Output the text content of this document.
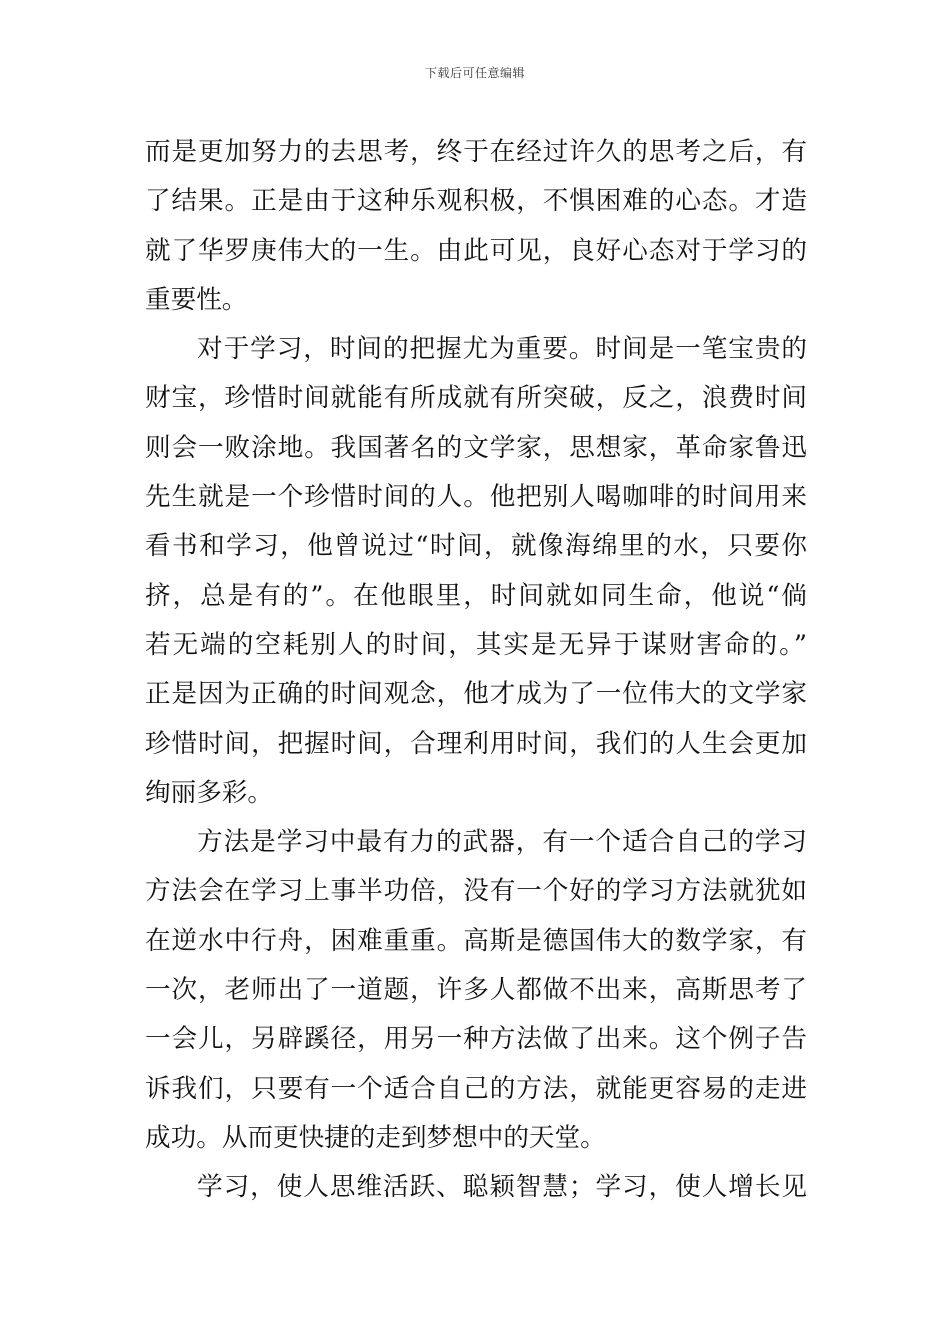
下载后可任意编辑
而是更加努力的去思考，终于在经过许久的思考之后，有
了结果。正是由于这种乐观积极，不惧困难的心态。才造
就了华罗庚伟大的一生。由此可见，良好心态对于学习的
重要性。
对于学习，时间的把握尤为重要。时间是一笔宝贵的
财宝，珍惜时间就能有所成就有所突破，反之，浪费时间
则会一败涂地。我国著名的文学家，思想家，革命家鲁迅
先生就是一个珍惜时间的人。他把别人喝咖啡的时间用来
看书和学习，他曾说过“时间，就像海绵里的水，只要你
挤，总是有的”。在他眼里，时间就如同生命，他说“倘
若无端的空耗别人的时间，其实是无异于谋财害命的。”
正是因为正确的时间观念，他才成为了一位伟大的文学家
珍惜时间，把握时间，合理利用时间，我们的人生会更加
绚丽多彩。
方法是学习中最有力的武器，有一个适合自己的学习
方法会在学习上事半功倍，没有一个好的学习方法就犹如
在逆水中行舟，困难重重。高斯是德国伟大的数学家，有
一次，老师出了一道题，许多人都做不出来，高斯思考了
一会儿，另辟蹊径，用另一种方法做了出来。这个例子告
诉我们，只要有一个适合自己的方法，就能更容易的走进
成功。从而更快捷的走到梦想中的天堂。
学习，使人思维活跃、聪颖智慧；学习，使人增长见
